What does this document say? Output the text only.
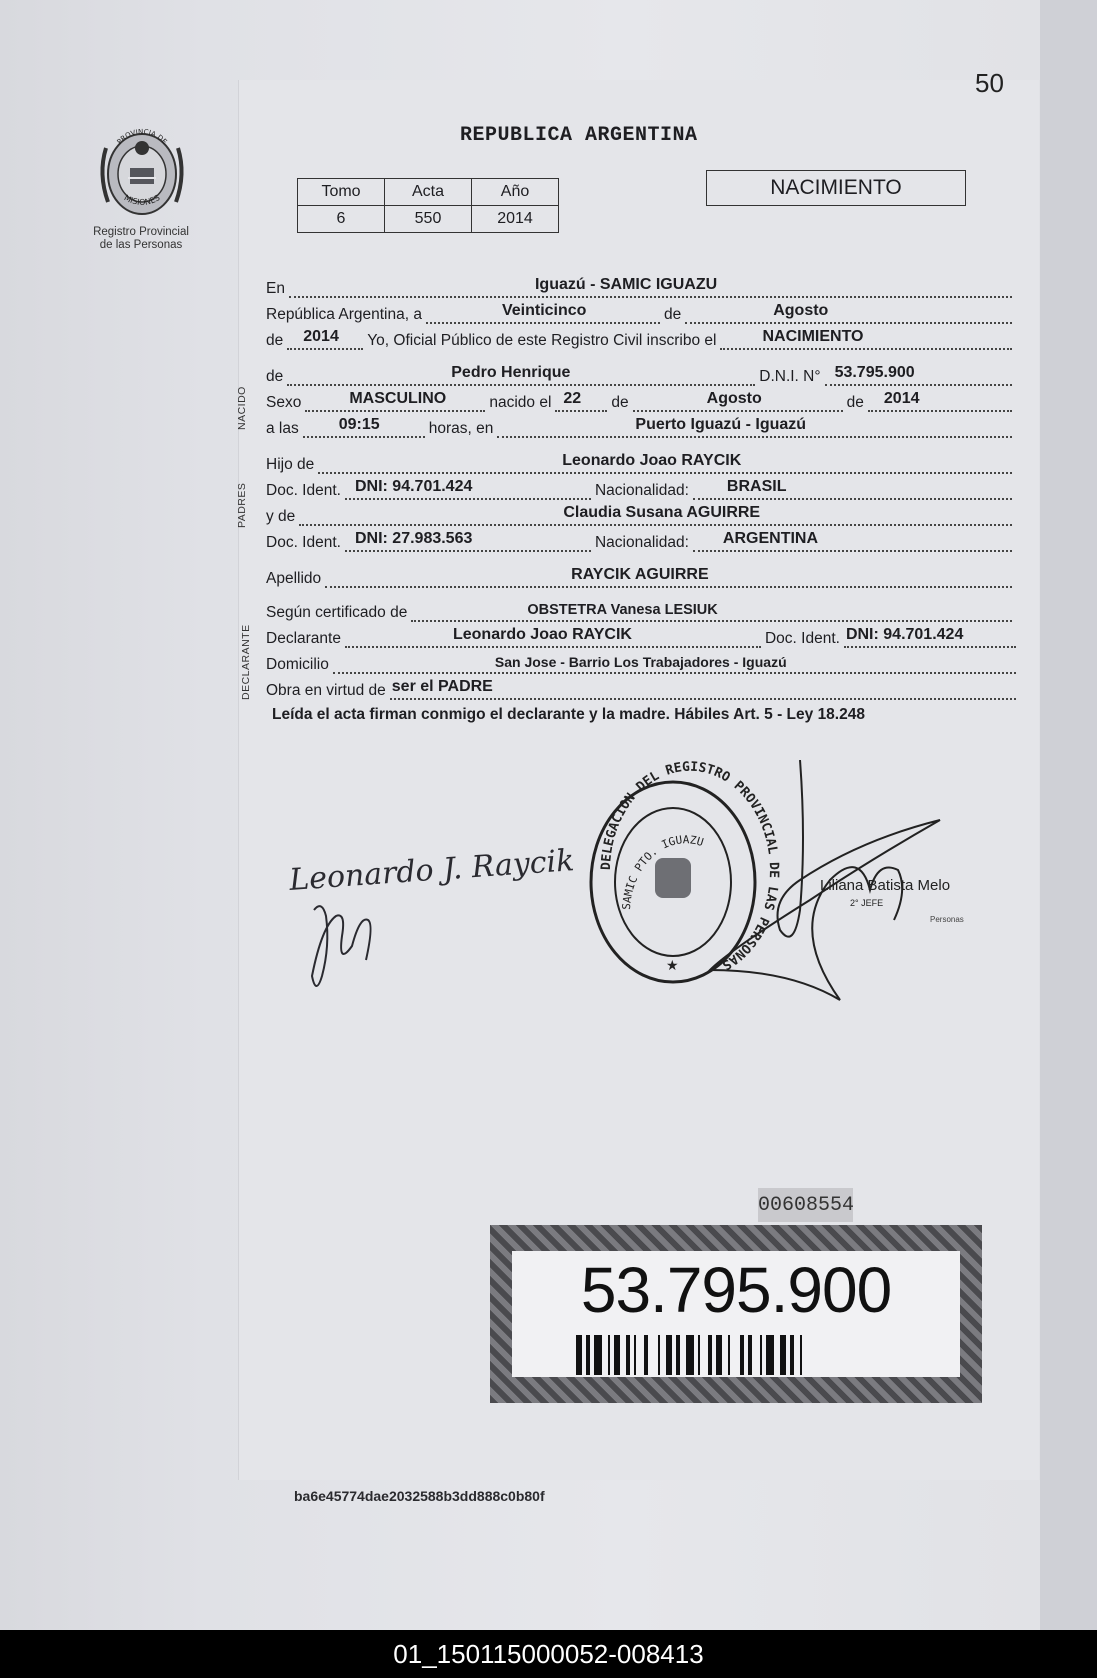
50
PROVINCIA DE
MISIONES
Registro Provincial
de las Personas
REPUBLICA ARGENTINA
Tomo	Acta	Año
6	550	2014
NACIMIENTO
NACIDO
PADRES
DECLARANTE
En	Iguazú - SAMIC IGUAZU
República Argentina, a	Veinticinco	de	Agosto
de 2014 Yo, Oficial Público de este Registro Civil inscribo el	NACIMIENTO
de	Pedro Henrique	D.N.I. N° 53.795.900
Sexo	MASCULINO	nacido el 22 de	Agosto	de 2014
a las	09:15	horas, en	Puerto Iguazú - Iguazú
Hijo de	Leonardo Joao RAYCIK
Doc. Ident. DNI: 94.701.424	Nacionalidad: BRASIL
y de	Claudia Susana AGUIRRE
Doc. Ident. DNI: 27.983.563	Nacionalidad: ARGENTINA
Apellido	RAYCIK AGUIRRE
Según certificado de	OBSTETRA Vanesa LESIUK
Declarante	Leonardo Joao RAYCIK	Doc. Ident. DNI: 94.701.424
Domicilio	San Jose - Barrio Los Trabajadores - Iguazú
Obra en virtud de ser el PADRE
Leída el acta firman conmigo el declarante y la madre. Hábiles Art. 5 - Ley 18.248
Leonardo J. Raycik DELEGACION DEL REGISTRO PROVINCIAL DE LAS PERSONAS
SAMIC PTO. IGUAZU
★
Liliana Batista Melo
2° JEFE
Personas
00608554
53.795.900
ba6e45774dae2032588b3dd888c0b80f
01_150115000052-008413
